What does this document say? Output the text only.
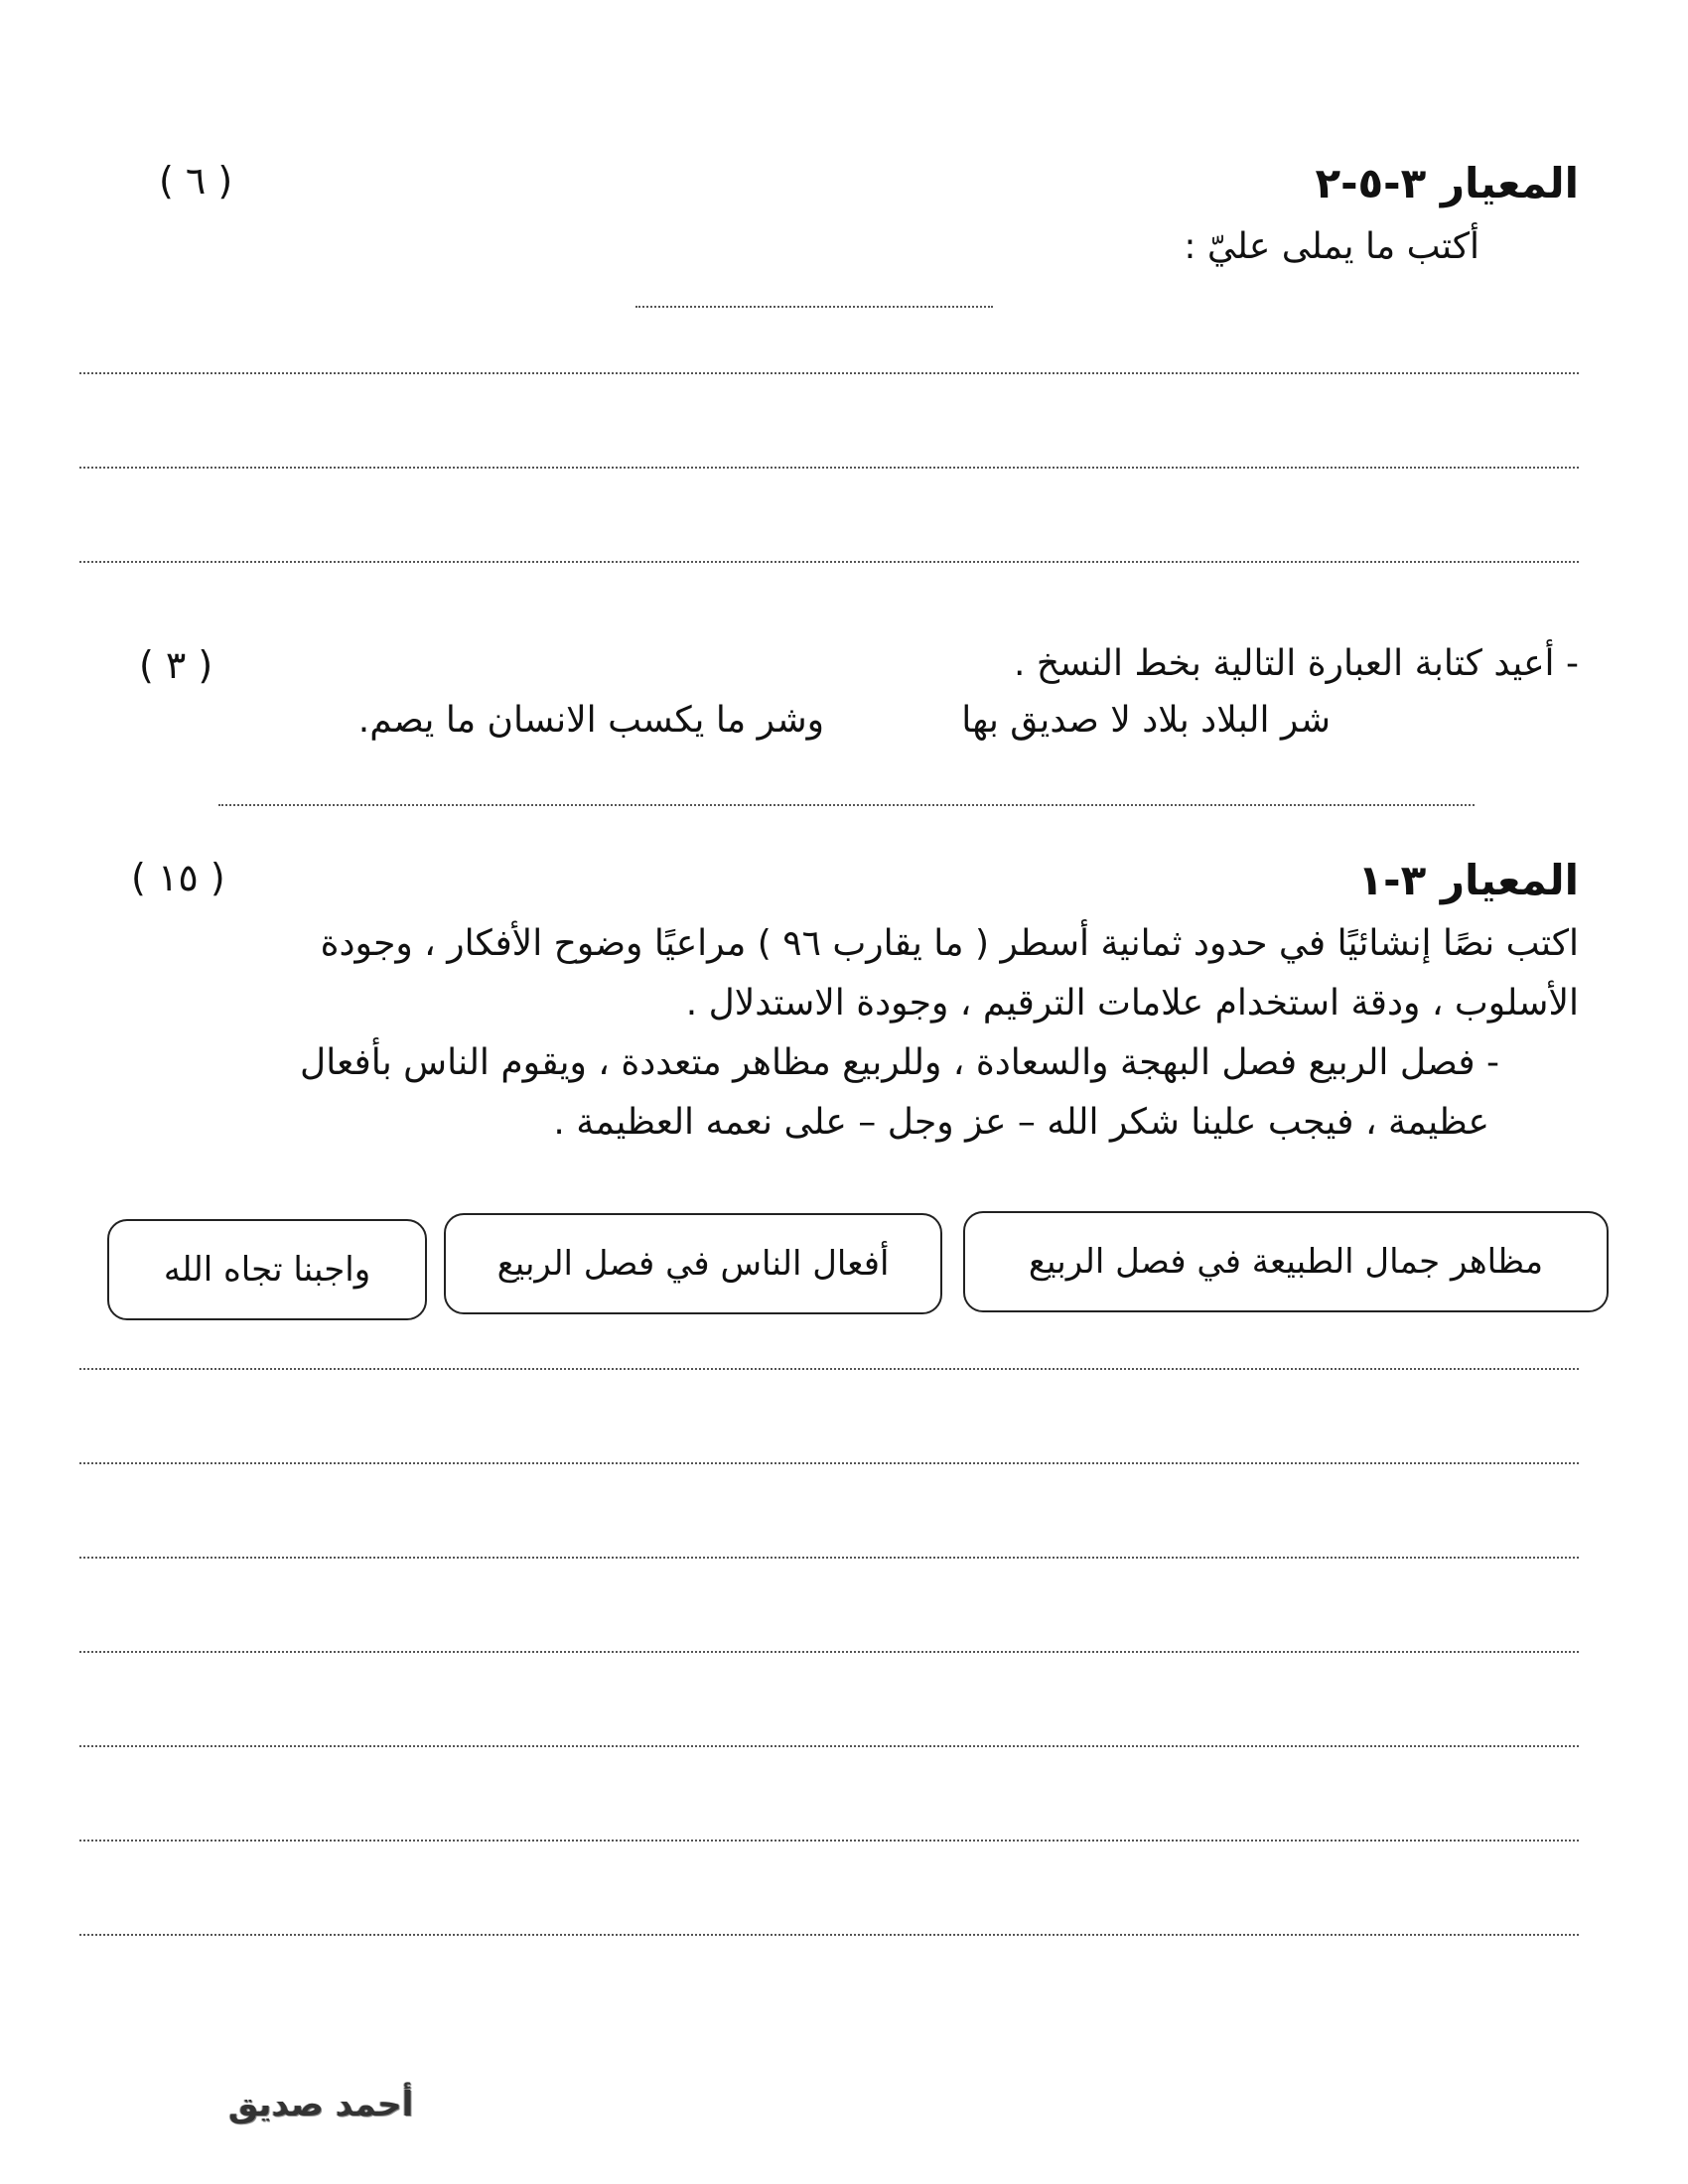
المعيار ٣-٥-٢
( ٦ )
أكتب ما يملى عليّ :
- أعيد كتابة العبارة التالية بخط النسخ .
( ٣ )
شر البلاد بلاد لا صديق بها
وشر ما يكسب الانسان ما يصم.
المعيار ٣-١
( ١٥ )
اكتب نصًا إنشائيًا في حدود ثمانية أسطر ( ما يقارب ٩٦ ) مراعيًا وضوح الأفكار ، وجودة
الأسلوب ، ودقة استخدام علامات الترقيم ، وجودة الاستدلال .
- فصل الربيع فصل البهجة والسعادة ، وللربيع مظاهر متعددة ، ويقوم الناس بأفعال
عظيمة ، فيجب علينا شكر الله – عز وجل – على نعمه العظيمة .
مظاهر جمال الطبيعة في فصل الربيع
أفعال الناس في فصل الربيع
واجبنا تجاه الله
أحمد صديق
